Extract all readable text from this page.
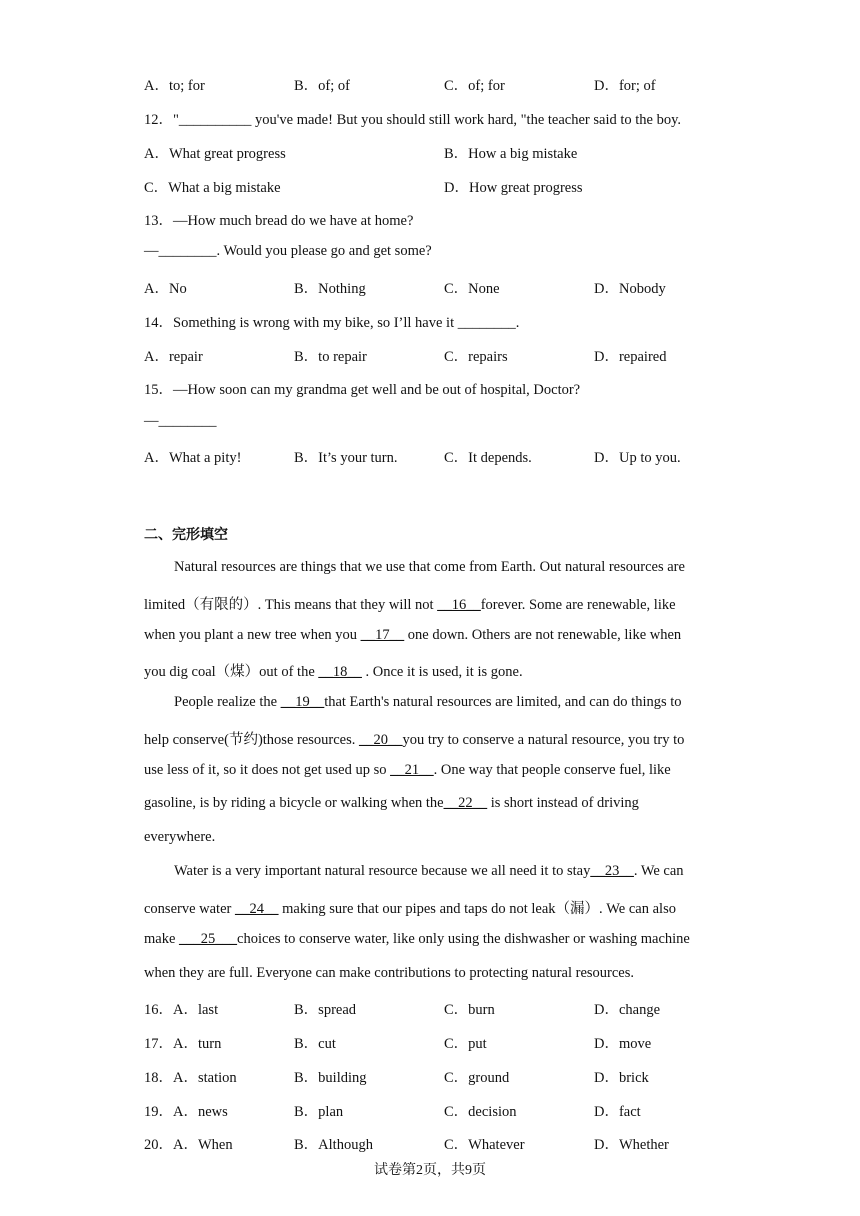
A．to; for	B．of; of	C．of; for	D．for; of
12．"__________ you've made! But you should still work hard, "the teacher said to the boy.
A．What great progress	B．How a big mistake
C．What a big mistake	D．How great progress
13．—How much bread do we have at home?
—________. Would you please go and get some?
A．No	B．Nothing	C．None	D．Nobody
14．Something is wrong with my bike, so I’ll have it ________.
A．repair	B．to repair	C．repairs	D．repaired
15．—How soon can my grandma get well and be out of hospital, Doctor?
—________
A．What a pity!	B．It’s your turn.	C．It depends.	D．Up to you.
二、完形填空
Natural resources are things that we use that come from Earth. Out natural resources are
limited（有限的）. This means that they will not __16__forever. Some are renewable, like
when you plant a new tree when you __17__ one down. Others are not renewable, like when
you dig coal（煤）out of the __18__ . Once it is used, it is gone.
People realize the __19__that Earth's natural resources are limited, and can do things to
help conserve(节约)those resources. __20__you try to conserve a natural resource, you try to
use less of it, so it does not get used up so __21__. One way that people conserve fuel, like
gasoline, is by riding a bicycle or walking when the__22__ is short instead of driving
everywhere.
Water is a very important natural resource because we all need it to stay__23__. We can
conserve water __24__ making sure that our pipes and taps do not leak（漏）. We can also
make ___25___choices to conserve water, like only using the dishwasher or washing machine
when they are full. Everyone can make contributions to protecting natural resources.
16．A．last	B．spread	C．burn	D．change
17．A．turn	B．cut	C．put	D．move
18．A．station	B．building	C．ground	D．brick
19．A．news	B．plan	C．decision	D．fact
20．A．When	B．Although	C．Whatever	D．Whether
试卷第2页，共9页
